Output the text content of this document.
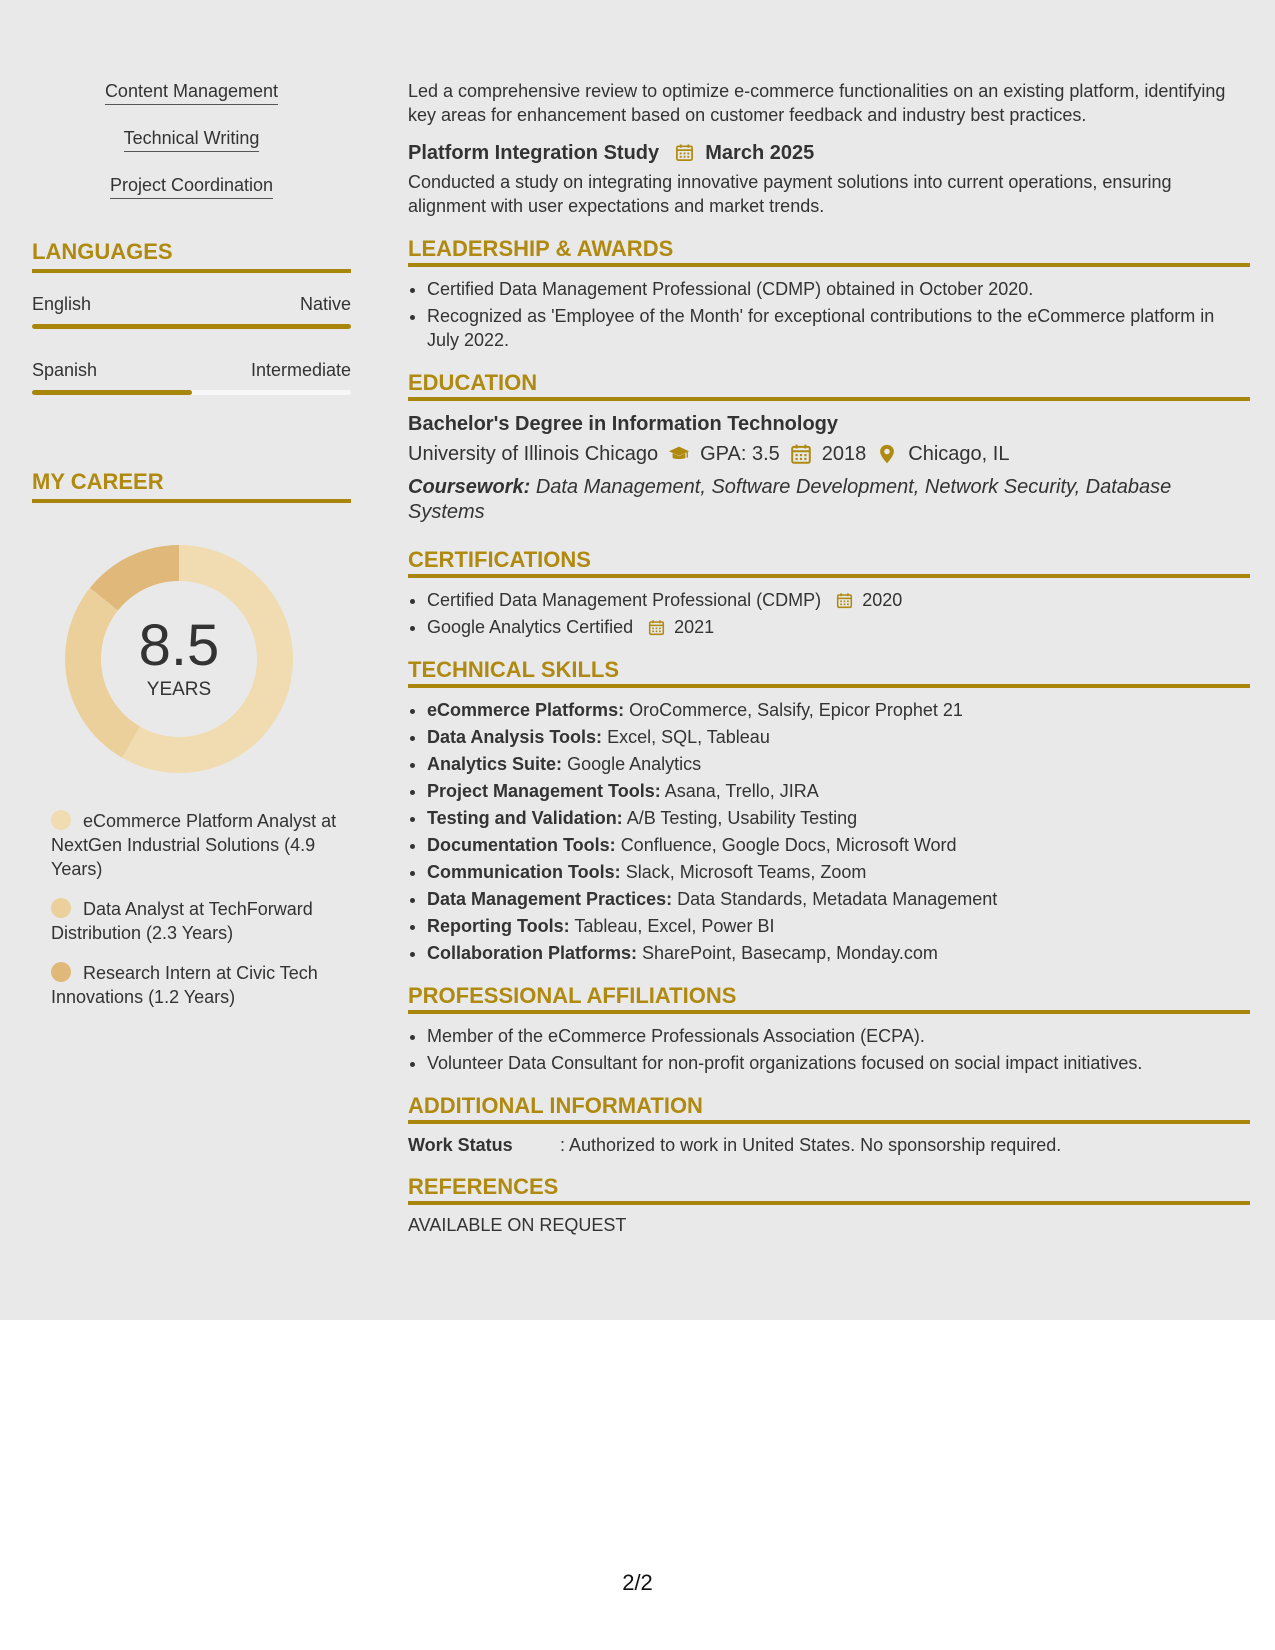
Content Management
Technical Writing
Project Coordination
LANGUAGES
English	Native
Spanish	Intermediate
MY CAREER
8.5
YEARS
eCommerce Platform Analyst at NextGen Industrial Solutions (4.9 Years)
Data Analyst at TechForward Distribution (2.3 Years)
Research Intern at Civic Tech Innovations (1.2 Years)

Led a comprehensive review to optimize e-commerce functionalities on an existing platform, identifying key areas for enhancement based on customer feedback and industry best practices.

Platform Integration Study March 2025

Conducted a study on integrating innovative payment solutions into current operations, ensuring alignment with user expectations and market trends.

LEADERSHIP & AWARDS
• Certified Data Management Professional (CDMP) obtained in October 2020.
• Recognized as 'Employee of the Month' for exceptional contributions to the eCommerce platform in July 2022.
EDUCATION
Bachelor's Degree in Information Technology
University of Illinois Chicago GPA: 3.5 2018 Chicago, IL
Coursework: Data Management, Software Development, Network Security, Database Systems
CERTIFICATIONS
• Certified Data Management Professional (CDMP) 2020
• Google Analytics Certified 2021
TECHNICAL SKILLS
• eCommerce Platforms: OroCommerce, Salsify, Epicor Prophet 21
• Data Analysis Tools: Excel, SQL, Tableau
• Analytics Suite: Google Analytics
• Project Management Tools: Asana, Trello, JIRA
• Testing and Validation: A/B Testing, Usability Testing
• Documentation Tools: Confluence, Google Docs, Microsoft Word
• Communication Tools: Slack, Microsoft Teams, Zoom
• Data Management Practices: Data Standards, Metadata Management
• Reporting Tools: Tableau, Excel, Power BI
• Collaboration Platforms: SharePoint, Basecamp, Monday.com
PROFESSIONAL AFFILIATIONS
• Member of the eCommerce Professionals Association (ECPA).
• Volunteer Data Consultant for non-profit organizations focused on social impact initiatives.
ADDITIONAL INFORMATION
Work Status	: Authorized to work in United States. No sponsorship required.
REFERENCES
AVAILABLE ON REQUEST
2/2
